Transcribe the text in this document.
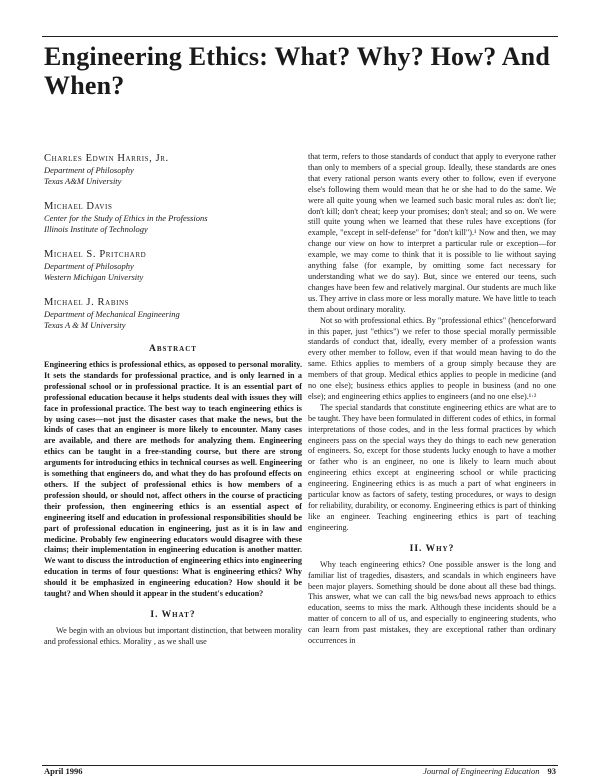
Engineering Ethics: What? Why? How? And When?
Charles Edwin Harris, Jr.
Department of Philosophy
Texas A&M University
Michael Davis
Center for the Study of Ethics in the Professions
Illinois Institute of Technology
Michael S. Pritchard
Department of Philosophy
Western Michigan University
Michael J. Rabins
Department of Mechanical Engineering
Texas A & M University
Abstract

Engineering ethics is professional ethics, as opposed to personal morality. It sets the standards for professional practice, and is only learned in a professional school or in professional practice. It is an essential part of professional education because it helps students deal with issues they will face in professional practice. The best way to teach engineering ethics is by using cases—not just the disaster cases that make the news, but the kinds of cases that an engineer is more likely to encounter. Many cases are available, and there are methods for analyzing them. Engineering ethics can be taught in a free-standing course, but there are strong arguments for introducing ethics in technical courses as well. Engineering is something that engineers do, and what they do has profound effects on others. If the subject of professional ethics is how members of a profession should, or should not, affect others in the course of practicing their profession, then engineering ethics is an essential aspect of engineering itself and education in professional responsibilities should be part of professional education in engineering, just as it is in law and medicine. Probably few engineering educators would disagree with these claims; their implementation in engineering education is another matter. We want to discuss the introduction of engineering ethics into engineering education in terms of four questions: What is engineering ethics? Why should it be emphasized in engineering education? How should it be taught? and When should it appear in the student's education?

I. What?

We begin with an obvious but important distinction, that between morality and professional ethics. Morality , as we shall use

that term, refers to those standards of conduct that apply to everyone rather than only to members of a special group. Ideally, these standards are ones that every rational person wants every other to follow, even if everyone else's following them would mean that he or she had to do the same. We were all quite young when we learned such basic moral rules as: don't lie; don't kill; don't cheat; keep your promises; don't steal; and so on. We were still quite young when we learned that these rules have exceptions (for example, "except in self-defense" for "don't kill").¹ Now and then, we may change our view on how to interpret a particular rule or exception—for example, we may come to think that it is possible to lie without saying anything false (for example, by omitting some fact necessary for understanding what we do say). But, since we entered our teens, such changes have been few and relatively marginal. Our students are much like us. They arrive in class more or less morally mature. We have little to teach them about ordinary morality.

Not so with professional ethics. By "professional ethics" (henceforward in this paper, just "ethics") we refer to those special morally permissible standards of conduct that, ideally, every member of a profession wants every other member to follow, even if that would mean having to do the same. Ethics applies to members of a group simply because they are members of that group. Medical ethics applies to people in medicine (and no one else); business ethics applies to people in business (and no one else); and engineering ethics applies to engineers (and no one else).¹·²

The special standards that constitute engineering ethics are what are to be taught. They have been formulated in different codes of ethics, in formal interpretations of those codes, and in the less formal practices by which engineers pass on the special ways they do things to each new generation of engineers. So, except for those students lucky enough to have a mother or father who is an engineer, no one is likely to learn much about engineering ethics except at engineering school or while practicing engineering. Engineering ethics is as much a part of what engineers in particular know as factors of safety, testing procedures, or ways to design for reliability, durability, or economy. Engineering ethics is part of thinking like an engineer. Teaching engineering ethics is part of teaching engineering.

II. Why?

Why teach engineering ethics? One possible answer is the long and familiar list of tragedies, disasters, and scandals in which engineers have been major players. Something should be done about all these bad things. This answer, what we can call the big news/bad news approach to ethics education, seems to miss the mark. Although these incidents should be a matter of concern to all of us, and especially to engineering students, who can learn from past mistakes, they are exceptional rather than ordinary occurrences in

April 1996	Journal of Engineering Education 93
